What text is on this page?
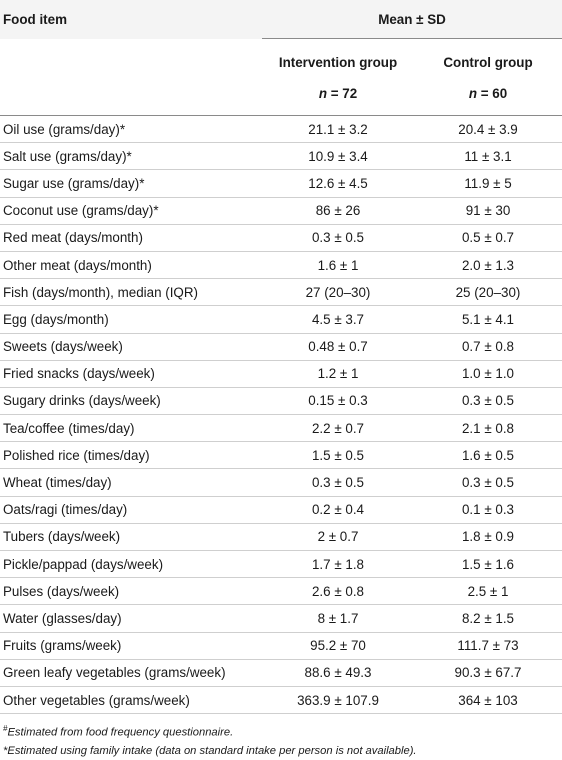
Food item	Mean ± SD	
	Intervention group	Control group
	n = 72	n = 60
Oil use (grams/day)*	21.1 ± 3.2	20.4 ± 3.9
Salt use (grams/day)*	10.9 ± 3.4	11 ± 3.1
Sugar use (grams/day)*	12.6 ± 4.5	11.9 ± 5
Coconut use (grams/day)*	86 ± 26	91 ± 30
Red meat (days/month)	0.3 ± 0.5	0.5 ± 0.7
Other meat (days/month)	1.6 ± 1	2.0 ± 1.3
Fish (days/month), median (IQR)	27 (20–30)	25 (20–30)
Egg (days/month)	4.5 ± 3.7	5.1 ± 4.1
Sweets (days/week)	0.48 ± 0.7	0.7 ± 0.8
Fried snacks (days/week)	1.2 ± 1	1.0 ± 1.0
Sugary drinks (days/week)	0.15 ± 0.3	0.3 ± 0.5
Tea/coffee (times/day)	2.2 ± 0.7	2.1 ± 0.8
Polished rice (times/day)	1.5 ± 0.5	1.6 ± 0.5
Wheat (times/day)	0.3 ± 0.5	0.3 ± 0.5
Oats/ragi (times/day)	0.2 ± 0.4	0.1 ± 0.3
Tubers (days/week)	2 ± 0.7	1.8 ± 0.9
Pickle/pappad (days/week)	1.7 ± 1.8	1.5 ± 1.6
Pulses (days/week)	2.6 ± 0.8	2.5 ± 1
Water (glasses/day)	8 ± 1.7	8.2 ± 1.5
Fruits (grams/week)	95.2 ± 70	111.7 ± 73
Green leafy vegetables (grams/week)	88.6 ± 49.3	90.3 ± 67.7
Other vegetables (grams/week)	363.9 ± 107.9	364 ± 103
#Estimated from food frequency questionnaire.
*Estimated using family intake (data on standard intake per person is not available).
